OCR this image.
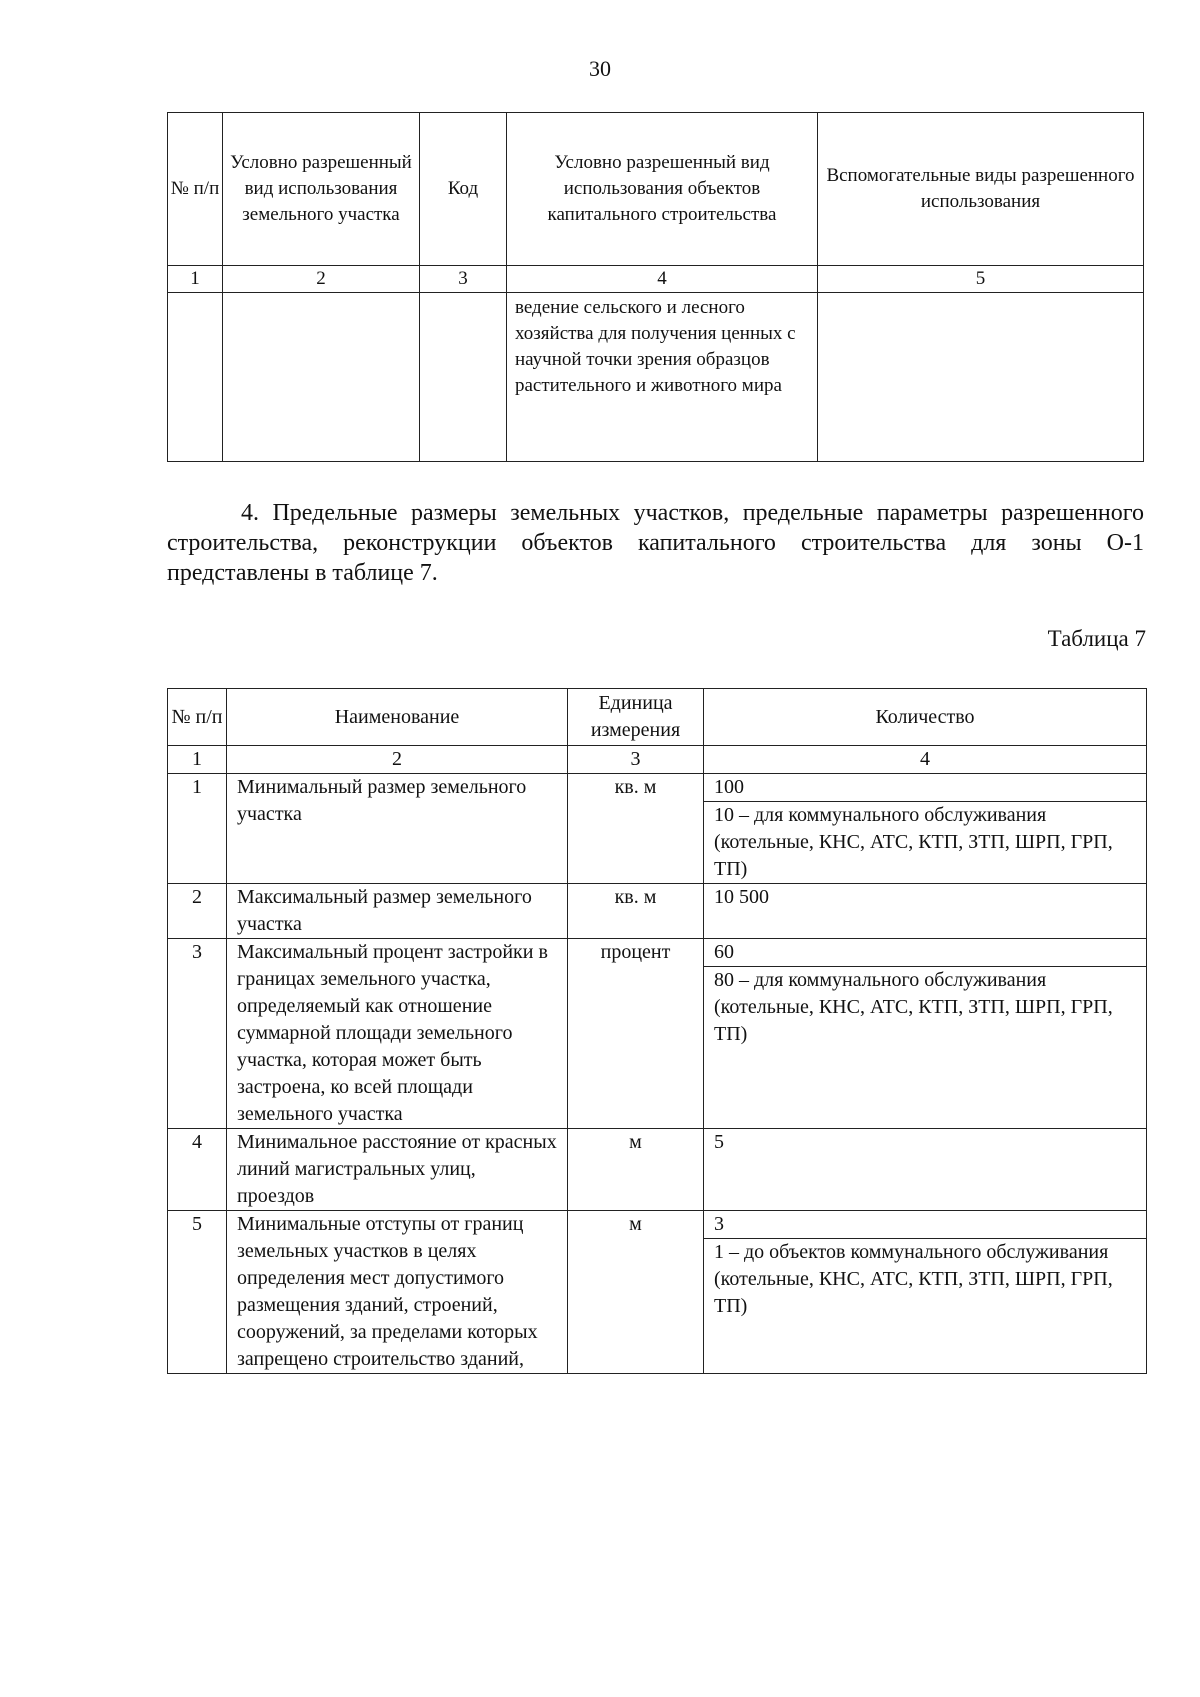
30
№ п/п	Условно разрешенный вид использования земельного участка	Код	Условно разрешенный вид использования объектов капитального строительства	Вспомогательные виды разрешенного использования
1	2	3	4	5
			ведение сельского и лесного хозяйства для получения ценных с научной точки зрения образцов растительного и животного мира	
4. Предельные размеры земельных участков, предельные параметры разрешенного строительства, реконструкции объектов капитального строительства для зоны О-1 представлены в таблице 7.
Таблица 7
№ п/п	Наименование	Единица измерения	Количество
1	2	3	4
1	Минимальный размер земельного участка	кв. м	100
10 – для коммунального обслуживания (котельные, КНС, АТС, КТП, ЗТП, ШРП, ГРП, ТП)

2	Максимальный размер земельного участка	кв. м	10 500

3	Максимальный процент застройки в границах земельного участка, определяемый как отношение суммарной площади земельного участка, которая может быть застроена, ко всей площади земельного участка	процент	60
80 – для коммунального обслуживания (котельные, КНС, АТС, КТП, ЗТП, ШРП, ГРП, ТП)

4	Минимальное расстояние от красных линий магистральных улиц, проездов	м	5

5	Минимальные отступы от границ земельных участков в целях определения мест допустимого размещения зданий, строений, сооружений, за пределами которых запрещено строительство зданий,	м	3
1 – до объектов коммунального обслуживания (котельные, КНС, АТС, КТП, ЗТП, ШРП, ГРП, ТП)
